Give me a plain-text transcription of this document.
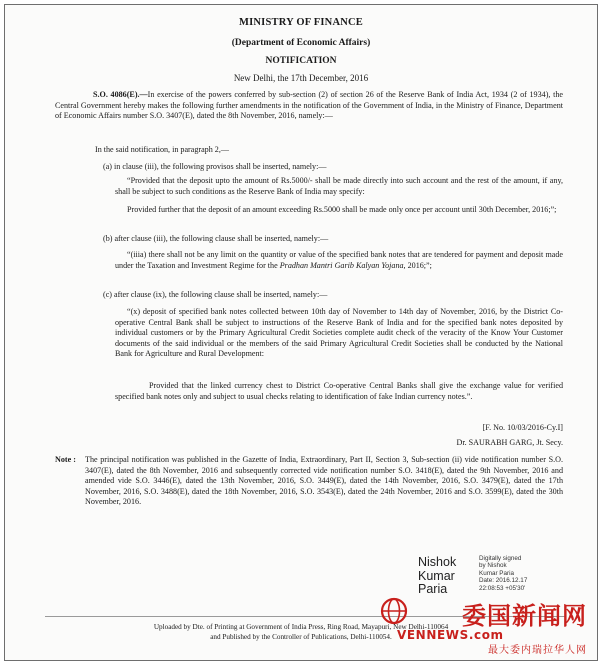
MINISTRY OF FINANCE
(Department of Economic Affairs)
NOTIFICATION
New Delhi, the 17th December, 2016
S.O. 4086(E).—In exercise of the powers conferred by sub-section (2) of section 26 of the Reserve Bank of India Act, 1934 (2 of 1934), the Central Government hereby makes the following further amendments in the notification of the Government of India, in the Ministry of Finance, Department of Economic Affairs number S.O. 3407(E), dated the 8th November, 2016, namely:—
In the said notification, in paragraph 2,—
(a) in clause (iii), the following provisos shall be inserted, namely:—
“Provided that the deposit upto the amount of Rs.5000/- shall be made directly into such account and the rest of the amount, if any, shall be subject to such conditions as the Reserve Bank of India may specify:
Provided further that the deposit of an amount exceeding Rs.5000 shall be made only once per account until 30th December, 2016;”;
(b) after clause (iii), the following clause shall be inserted, namely:—
“(iiia) there shall not be any limit on the quantity or value of the specified bank notes that are tendered for payment and deposit made under the Taxation and Investment Regime for the Pradhan Mantri Garib Kalyan Yojana, 2016;”;
(c) after clause (ix), the following clause shall be inserted, namely:—
“(x) deposit of specified bank notes collected between 10th day of November to 14th day of November, 2016, by the District Co-operative Central Bank shall be subject to instructions of the Reserve Bank of India and for the specified bank notes deposited by individual customers or by the Primary Agricultural Credit Societies complete audit check of the veracity of the Know Your Customer documents of the said individual or the members of the said Primary Agricultural Credit Societies shall be conducted by the National Bank for Agriculture and Rural Development:
Provided that the linked currency chest to District Co-operative Central Banks shall give the exchange value for verified specified bank notes only and subject to usual checks relating to identification of fake Indian currency notes.”.
[F. No. 10/03/2016-Cy.I]
Dr. SAURABH GARG, Jt. Secy.
Note : The principal notification was published in the Gazette of India, Extraordinary, Part II, Section 3, Sub-section (ii) vide notification number S.O. 3407(E), dated the 8th November, 2016 and subsequently corrected vide notification number S.O. 3418(E), dated the 9th November, 2016 and amended vide S.O. 3446(E), dated the 13th November, 2016, S.O. 3449(E), dated the 14th November, 2016, S.O. 3479(E), dated the 17th November, 2016, S.O. 3488(E), dated the 18th November, 2016, S.O. 3543(E), dated the 24th November, 2016 and S.O. 3599(E), dated the 30th November, 2016.
Nishok
Kumar
Paria
Digitally signed
by Nishok
Kumar Paria
Date: 2016.12.17
22:08:53 +05'30'
Uploaded by Dte. of Printing at Government of India Press, Ring Road, Mayapuri, New Delhi-110064
and Published by the Controller of Publications, Delhi-110054.
委国新闻网
VENNEWS.com
最大委内瑞拉华人网
